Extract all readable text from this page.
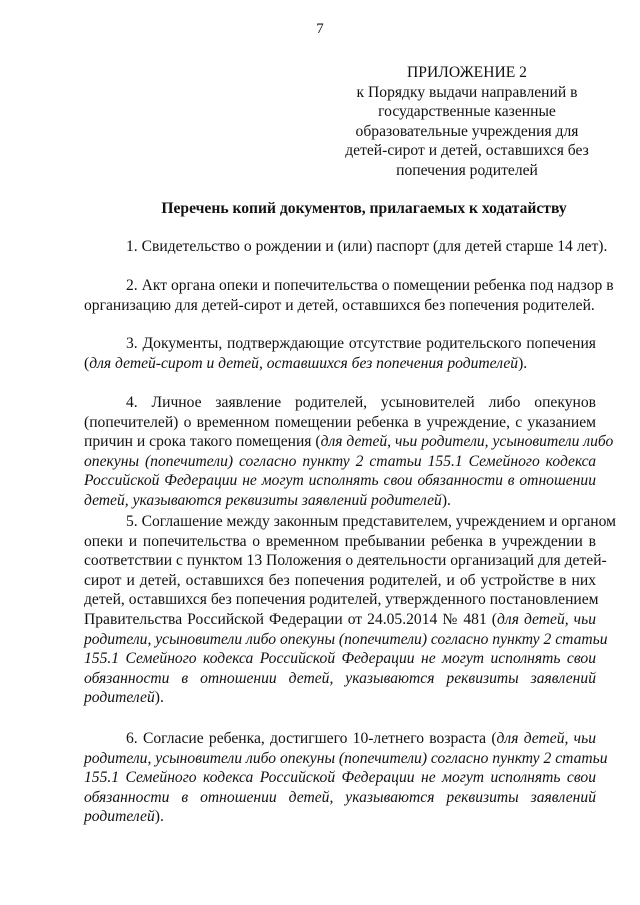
7
ПРИЛОЖЕНИЕ 2
к Порядку выдачи направлений в
государственные казенные
образовательные учреждения для
детей-сирот и детей, оставшихся без
попечения родителей
Перечень копий документов, прилагаемых к ходатайству
1. Свидетельство о рождении и (или) паспорт (для детей старше 14 лет).
2. Акт органа опеки и попечительства о помещении ребенка под надзор в
организацию для детей-сирот и детей, оставшихся без попечения родителей.
3. Документы, подтверждающие отсутствие родительского попечения
(для детей-сирот и детей, оставшихся без попечения родителей).
4. Личное заявление родителей, усыновителей либо опекунов
(попечителей) о временном помещении ребенка в учреждение, с указанием
причин и срока такого помещения (для детей, чьи родители, усыновители либо
опекуны (попечители) согласно пункту 2 статьи 155.1 Семейного кодекса
Российской Федерации не могут исполнять свои обязанности в отношении
детей, указываются реквизиты заявлений родителей).
5. Соглашение между законным представителем, учреждением и органом
опеки и попечительства о временном пребывании ребенка в учреждении в
соответствии с пунктом 13 Положения о деятельности организаций для детей-
сирот и детей, оставшихся без попечения родителей, и об устройстве в них
детей, оставшихся без попечения родителей, утвержденного постановлением
Правительства Российской Федерации от 24.05.2014 № 481 (для детей, чьи
родители, усыновители либо опекуны (попечители) согласно пункту 2 статьи
155.1 Семейного кодекса Российской Федерации не могут исполнять свои
обязанности в отношении детей, указываются реквизиты заявлений
родителей).
6. Согласие ребенка, достигшего 10-летнего возраста (для детей, чьи
родители, усыновители либо опекуны (попечители) согласно пункту 2 статьи
155.1 Семейного кодекса Российской Федерации не могут исполнять свои
обязанности в отношении детей, указываются реквизиты заявлений
родителей).
